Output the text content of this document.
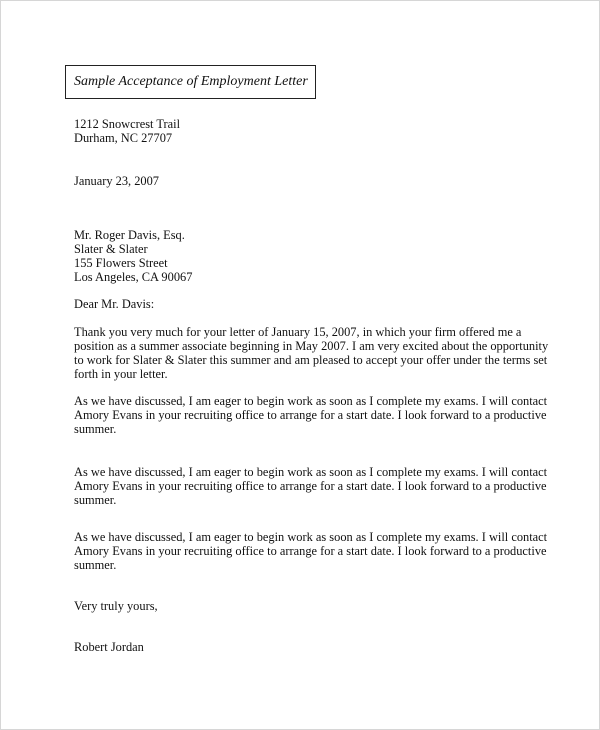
Sample Acceptance of Employment Letter
1212 Snowcrest Trail
Durham, NC 27707
January 23, 2007
Mr. Roger Davis, Esq.
Slater & Slater
155 Flowers Street
Los Angeles, CA 90067
Dear Mr. Davis:
Thank you very much for your letter of January 15, 2007, in which your firm offered me a
position as a summer associate beginning in May 2007. I am very excited about the opportunity
to work for Slater & Slater this summer and am pleased to accept your offer under the terms set
forth in your letter.
As we have discussed, I am eager to begin work as soon as I complete my exams. I will contact
Amory Evans in your recruiting office to arrange for a start date. I look forward to a productive
summer.
As we have discussed, I am eager to begin work as soon as I complete my exams. I will contact
Amory Evans in your recruiting office to arrange for a start date. I look forward to a productive
summer.
As we have discussed, I am eager to begin work as soon as I complete my exams. I will contact
Amory Evans in your recruiting office to arrange for a start date. I look forward to a productive
summer.
Very truly yours,
Robert Jordan
